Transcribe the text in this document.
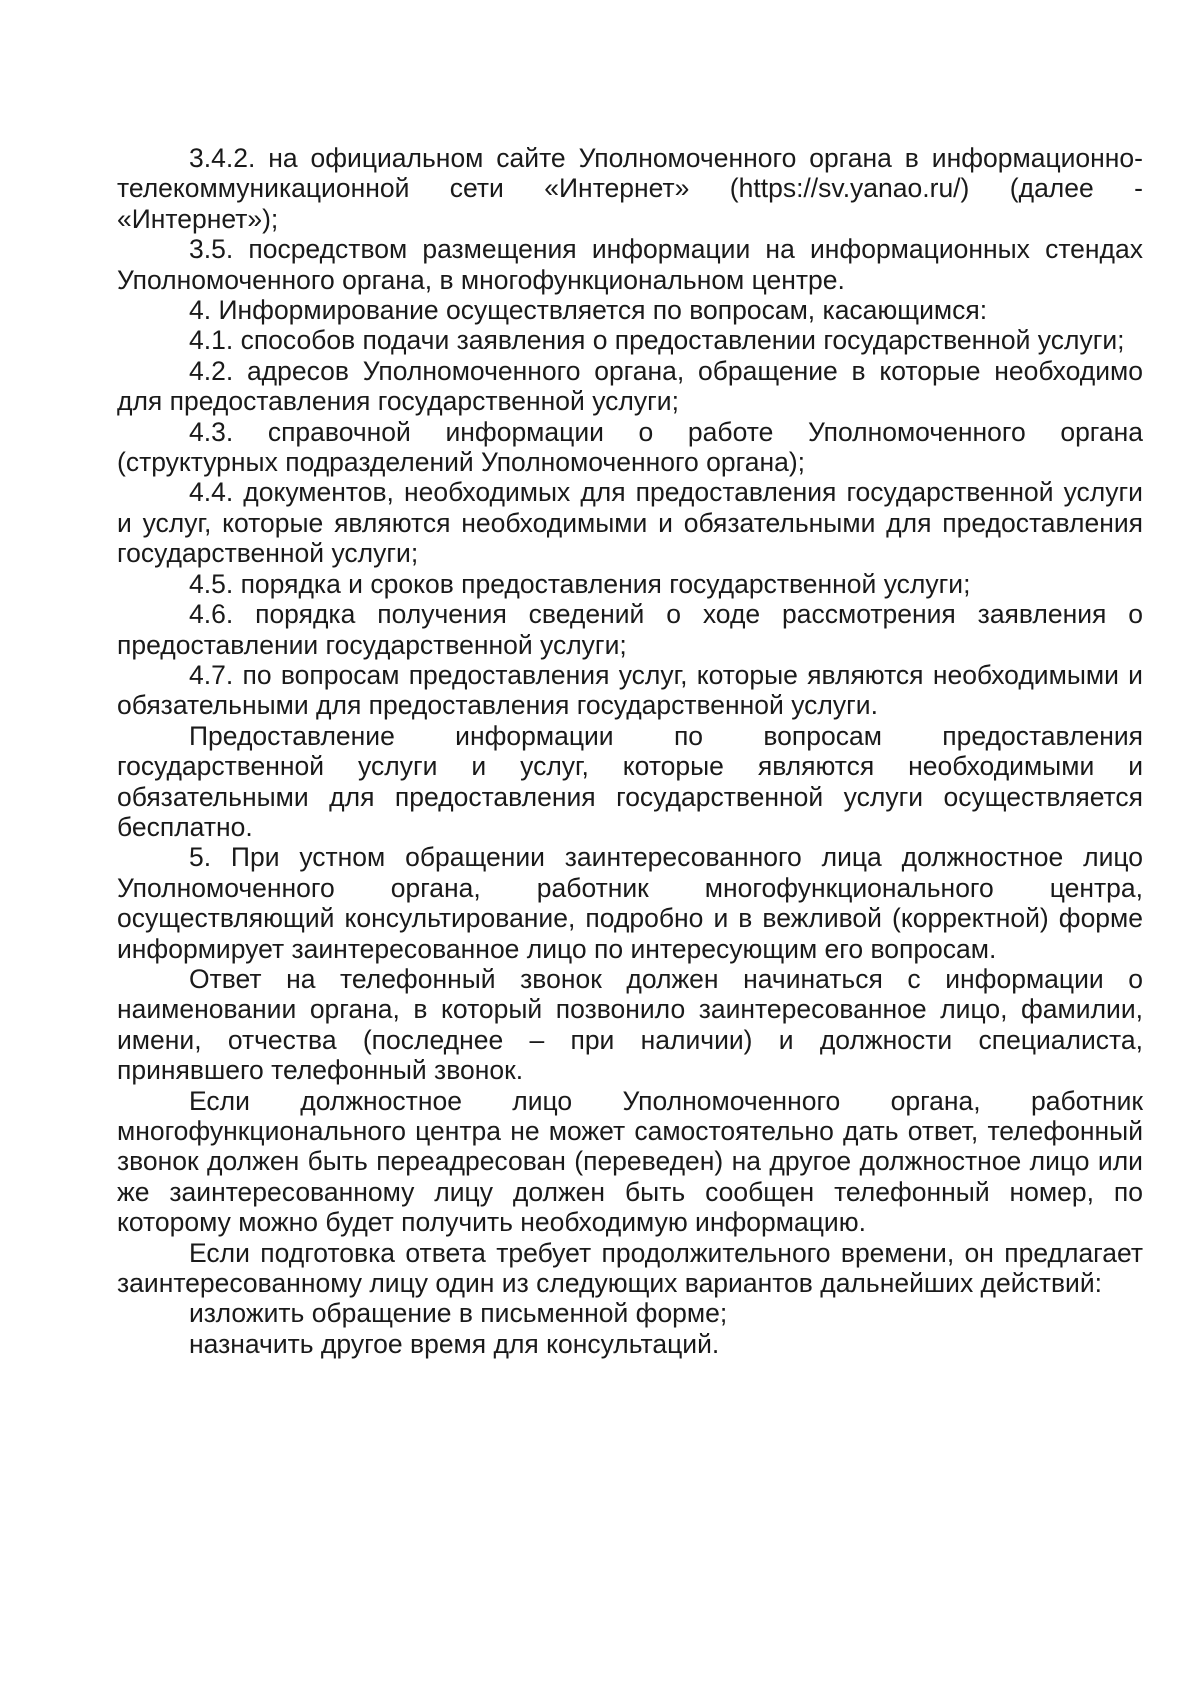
3.4.2. на официальном сайте Уполномоченного органа в информационно-телекоммуникационной сети «Интернет» (https://sv.yanao.ru/) (далее - «Интернет»);

3.5. посредством размещения информации на информационных стендах Уполномоченного органа, в многофункциональном центре.

4. Информирование осуществляется по вопросам, касающимся:

4.1. способов подачи заявления о предоставлении государственной услуги;

4.2. адресов Уполномоченного органа, обращение в которые необходимо для предоставления государственной услуги;

4.3. справочной информации о работе Уполномоченного органа (структурных подразделений Уполномоченного органа);

4.4. документов, необходимых для предоставления государственной услуги и услуг, которые являются необходимыми и обязательными для предоставления государственной услуги;

4.5. порядка и сроков предоставления государственной услуги;

4.6. порядка получения сведений о ходе рассмотрения заявления о предоставлении государственной услуги;

4.7. по вопросам предоставления услуг, которые являются необходимыми и обязательными для предоставления государственной услуги.

Предоставление информации по вопросам предоставления государственной услуги и услуг, которые являются необходимыми и обязательными для предоставления государственной услуги осуществляется бесплатно.

5. При устном обращении заинтересованного лица должностное лицо Уполномоченного органа, работник многофункционального центра, осуществляющий консультирование, подробно и в вежливой (корректной) форме информирует заинтересованное лицо по интересующим его вопросам.

Ответ на телефонный звонок должен начинаться с информации о наименовании органа, в который позвонило заинтересованное лицо, фамилии, имени, отчества (последнее – при наличии) и должности специалиста, принявшего телефонный звонок.

Если должностное лицо Уполномоченного органа, работник многофункционального центра не может самостоятельно дать ответ, телефонный звонок должен быть переадресован (переведен) на другое должностное лицо или же заинтересованному лицу должен быть сообщен телефонный номер, по которому можно будет получить необходимую информацию.

Если подготовка ответа требует продолжительного времени, он предлагает заинтересованному лицу один из следующих вариантов дальнейших действий:

изложить обращение в письменной форме;

назначить другое время для консультаций.
